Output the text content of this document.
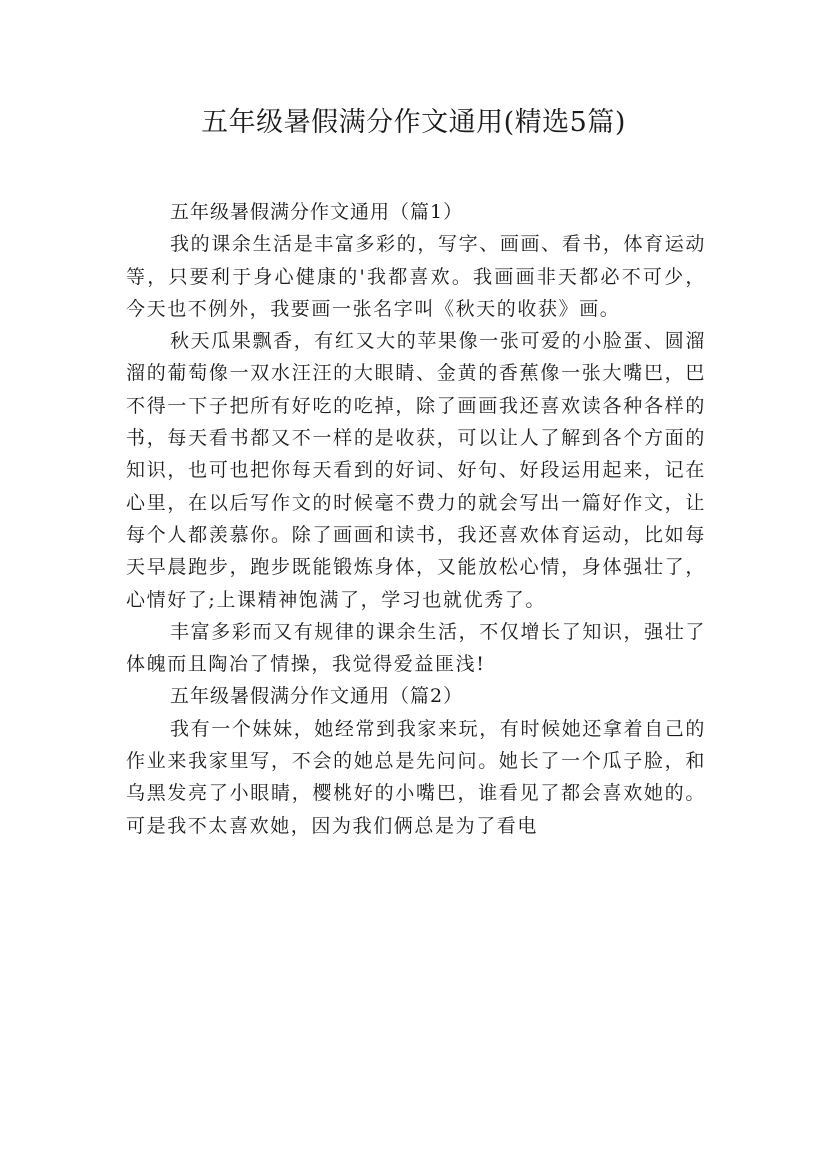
五年级暑假满分作文通用(精选5篇)
五年级暑假满分作文通用（篇1）

我的课余生活是丰富多彩的，写字、画画、看书，体育运动等，只要利于身心健康的'我都喜欢。我画画非天都必不可少，今天也不例外，我要画一张名字叫《秋天的收获》画。

秋天瓜果飘香，有红又大的苹果像一张可爱的小脸蛋、圆溜溜的葡萄像一双水汪汪的大眼睛、金黄的香蕉像一张大嘴巴，巴不得一下子把所有好吃的吃掉，除了画画我还喜欢读各种各样的书，每天看书都又不一样的是收获，可以让人了解到各个方面的知识，也可也把你每天看到的好词、好句、好段运用起来，记在心里，在以后写作文的时候毫不费力的就会写出一篇好作文，让每个人都羡慕你。除了画画和读书，我还喜欢体育运动，比如每天早晨跑步，跑步既能锻炼身体，又能放松心情，身体强壮了，心情好了;上课精神饱满了，学习也就优秀了。

丰富多彩而又有规律的课余生活，不仅增长了知识，强壮了体魄而且陶冶了情操，我觉得爱益匪浅!

五年级暑假满分作文通用（篇2）

我有一个妹妹，她经常到我家来玩，有时候她还拿着自己的作业来我家里写，不会的她总是先问问。她长了一个瓜子脸，和乌黑发亮了小眼睛，樱桃好的小嘴巴，谁看见了都会喜欢她的。可是我不太喜欢她，因为我们俩总是为了看电
